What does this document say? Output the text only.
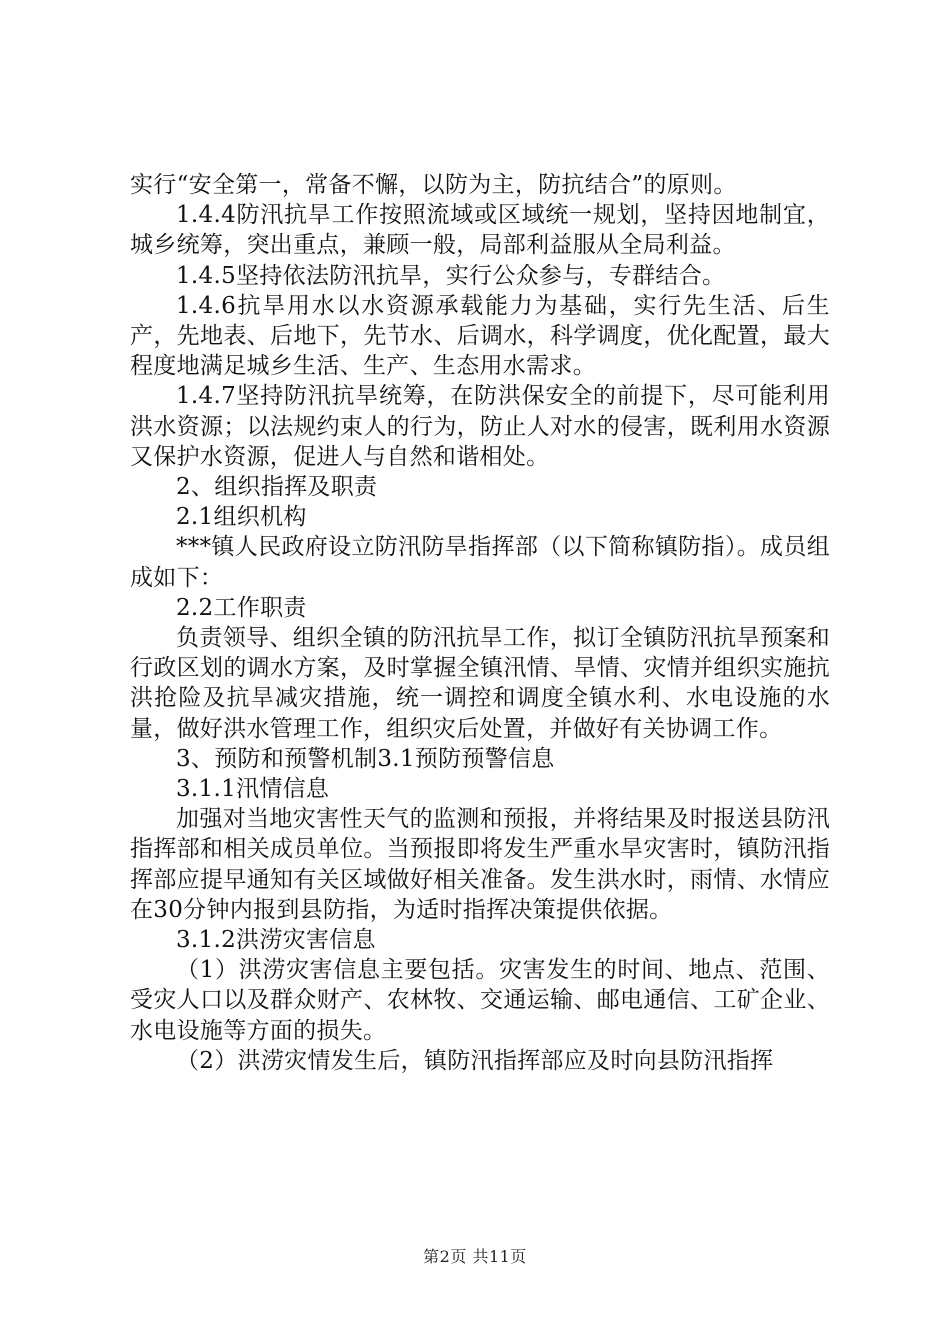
实行“安全第一，常备不懈，以防为主，防抗结合”的原则。

1.4.4防汛抗旱工作按照流域或区域统一规划，坚持因地制宜，城乡统筹，突出重点，兼顾一般，局部利益服从全局利益。

1.4.5坚持依法防汛抗旱，实行公众参与，专群结合。

1.4.6抗旱用水以水资源承载能力为基础，实行先生活、后生产，先地表、后地下，先节水、后调水，科学调度，优化配置，最大程度地满足城乡生活、生产、生态用水需求。

1.4.7坚持防汛抗旱统筹，在防洪保安全的前提下，尽可能利用洪水资源；以法规约束人的行为，防止人对水的侵害，既利用水资源又保护水资源，促进人与自然和谐相处。

2、组织指挥及职责

2.1组织机构

***镇人民政府设立防汛防旱指挥部（以下简称镇防指）。成员组成如下：

2.2工作职责

负责领导、组织全镇的防汛抗旱工作，拟订全镇防汛抗旱预案和行政区划的调水方案，及时掌握全镇汛情、旱情、灾情并组织实施抗洪抢险及抗旱减灾措施，统一调控和调度全镇水利、水电设施的水量，做好洪水管理工作，组织灾后处置，并做好有关协调工作。

3、预防和预警机制3.1预防预警信息

3.1.1汛情信息

加强对当地灾害性天气的监测和预报，并将结果及时报送县防汛指挥部和相关成员单位。当预报即将发生严重水旱灾害时，镇防汛指挥部应提早通知有关区域做好相关准备。发生洪水时，雨情、水情应在30分钟内报到县防指，为适时指挥决策提供依据。

3.1.2洪涝灾害信息

（1）洪涝灾害信息主要包括。灾害发生的时间、地点、范围、受灾人口以及群众财产、农林牧、交通运输、邮电通信、工矿企业、水电设施等方面的损失。

（2）洪涝灾情发生后，镇防汛指挥部应及时向县防汛指挥

第2页 共11页
